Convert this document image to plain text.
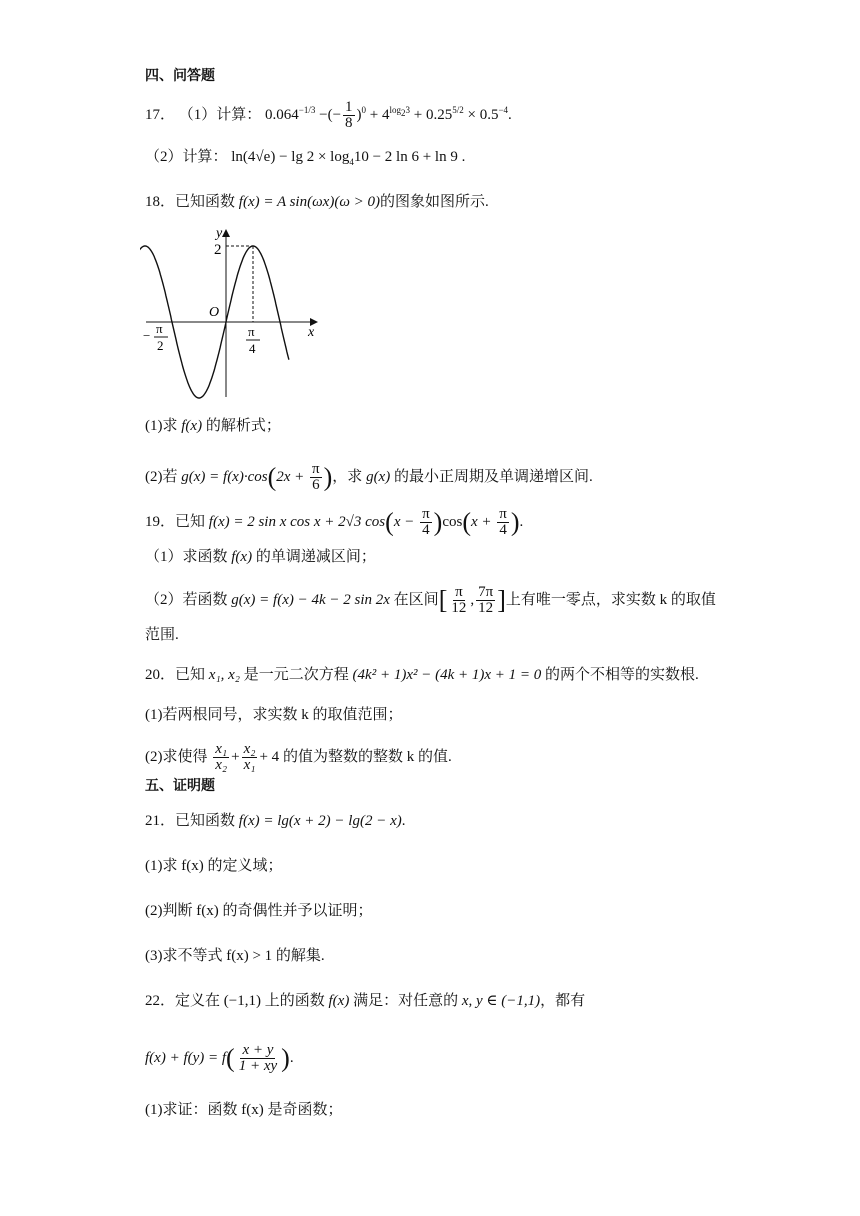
四、问答题
17． （1）计算： $0.064^{-1/3}$ −(− $\frac{1}{8} )^0 + 4^{log_23} + 0.25^{5/2} \times 0.5^{-4}$.
（2）计算： $\ln(4√e) - \lg 2 \times \log_410 - 2$ ln 6 + ln 9 .
18．已知函数 f(x) = A sin(ωx)(ω > 0)的图象如图所示.
y
x
O
2
π
4
− π
2
(1)求 f(x) 的解析式；
(2)若 $g(x) = f(x)\cdot\cos(2x + \frac{\pi}{6}$ )，求 g(x) 的最小正周期及单调递增区间.
19．已知 f(x) = 2 sin x cos x + 2√3 $\cos(x - \frac{\pi}{4} )\cos(x + \frac{\pi}{4}$ ).
（1）求函数 f(x) 的单调递减区间；
（2）若函数 g(x) = f(x) − 4k − 2 sin 2x 在区间[ $\frac{\pi}{12}$ , $\frac{7\pi}{12}$ ]上有唯一零点，求实数 k 的取值
范围.
20．已知 x₁, x₂ 是一元二次方程 (4k² + 1)x² − (4k + 1)x + 1 = 0 的两个不相等的实数根.
(1)若两根同号，求实数 k 的取值范围；
(2)求使得 $\frac{\text{x₁}}{\text{x₂}} + \frac{\text{x₂}}{\text{x₁}} + 4$ 的值为整数的整数 k 的值.
五、证明题
21．已知函数 f(x) = lg(x + 2) − lg(2 − x).
(1)求 f(x) 的定义域；
(2)判断 f(x) 的奇偶性并予以证明；
(3)求不等式 f(x) > 1 的解集.
22．定义在 (−1,1) 上的函数 f(x) 满足：对任意的 x, y ∈ (−1,1)，都有
$f(x) + f(y) = f( \frac{x + y}{1 + xy}$ ).
(1)求证：函数 f(x) 是奇函数；
